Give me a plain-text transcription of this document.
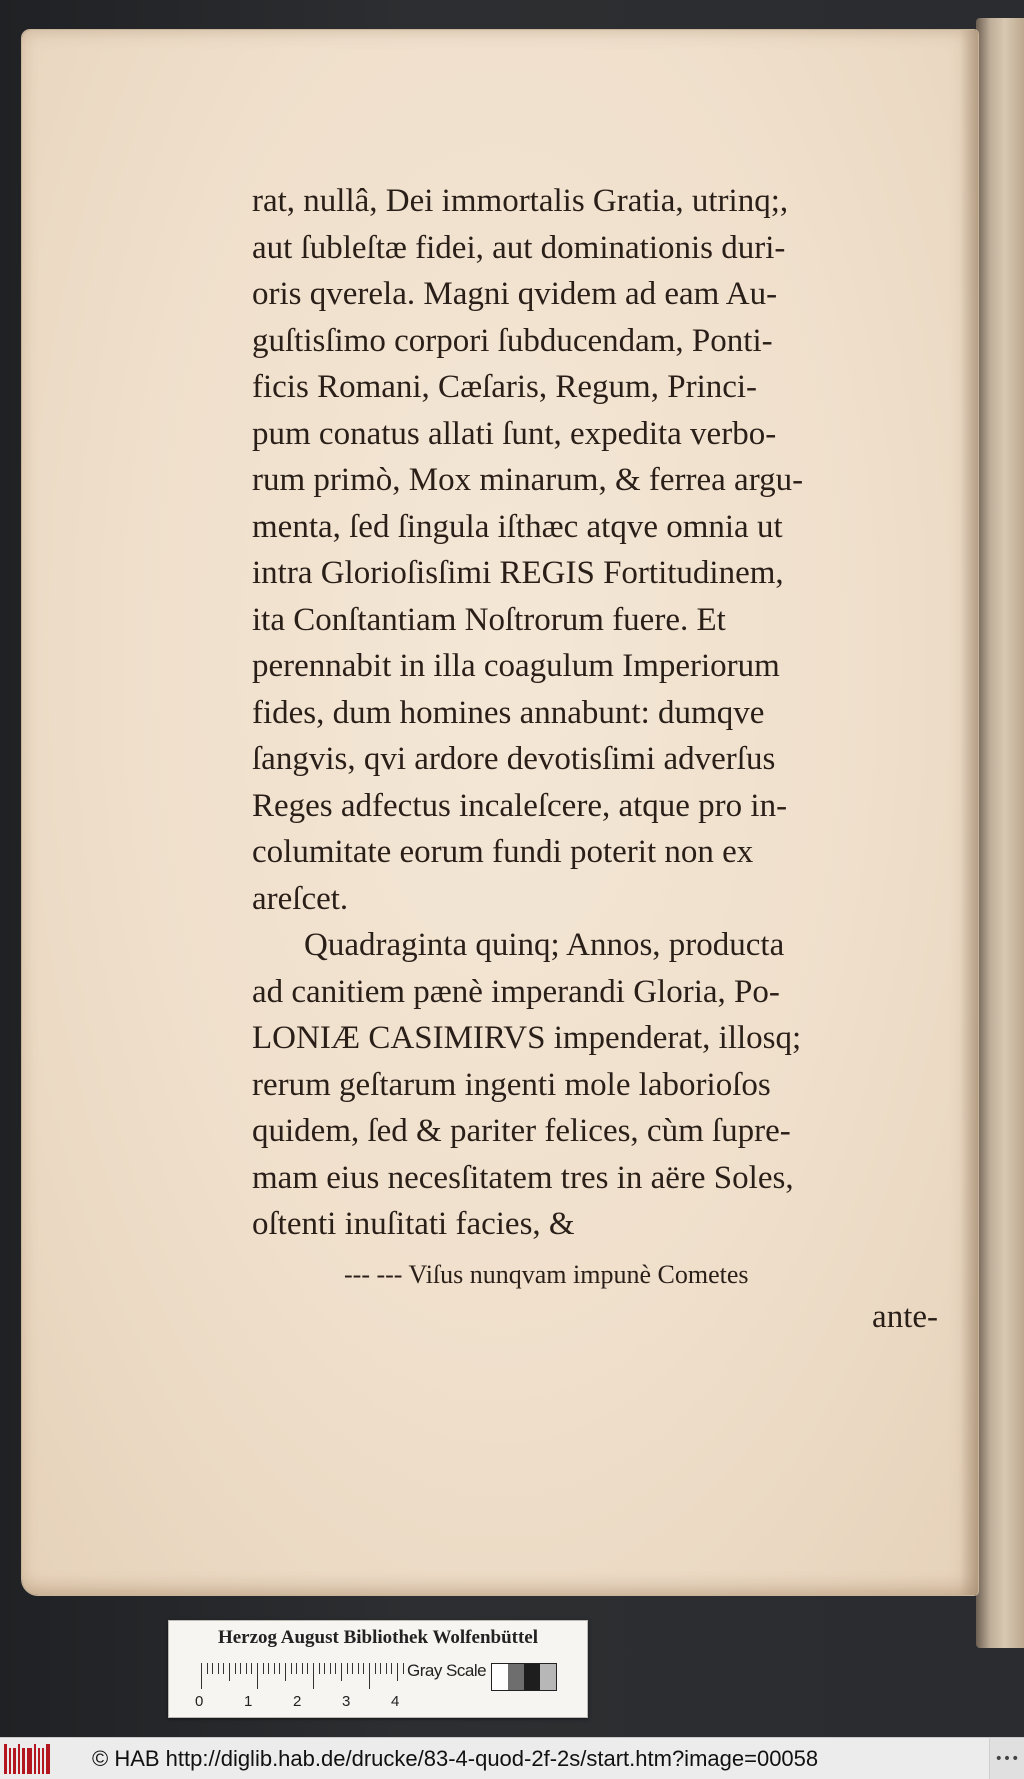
rat, nullâ, Dei immortalis Gratia, utrinq;,
aut ſubleſtæ fidei, aut dominationis duri-
oris qverela. Magni qvidem ad eam Au-
guſtisſimo corpori ſubducendam, Ponti-
ficis Romani, Cæſaris, Regum, Princi-
pum conatus allati ſunt, expedita verbo-
rum primò, Mox minarum, & ferrea argu-
menta, ſed ſingula iſthæc atqve omnia ut
intra Glorioſisſimi REGIS Fortitudinem,
ita Conſtantiam Noſtrorum fuere. Et
perennabit in illa coagulum Imperiorum
fides, dum homines annabunt: dumqve
ſangvis, qvi ardore devotisſimi adverſus
Reges adfectus incaleſcere, atque pro in-
columitate eorum fundi poterit non ex
areſcet.
Quadraginta quinq; Annos, producta
ad canitiem pænè imperandi Gloria, Po-
LONIÆ CASIMIRVS impenderat, illosq;
rerum geſtarum ingenti mole laborioſos
quidem, ſed & pariter felices, cùm ſupre-
mam eius necesſitatem tres in aëre Soles,
oſtenti inuſitati facies, &
--- --- Viſus nunqvam impunè Cometes
ante-
Herzog August Bibliothek Wolfenbüttel
Gray Scale
0	1	2	3	4
© HAB http://diglib.hab.de/drucke/83-4-quod-2f-2s/start.htm?image=00058	•••
